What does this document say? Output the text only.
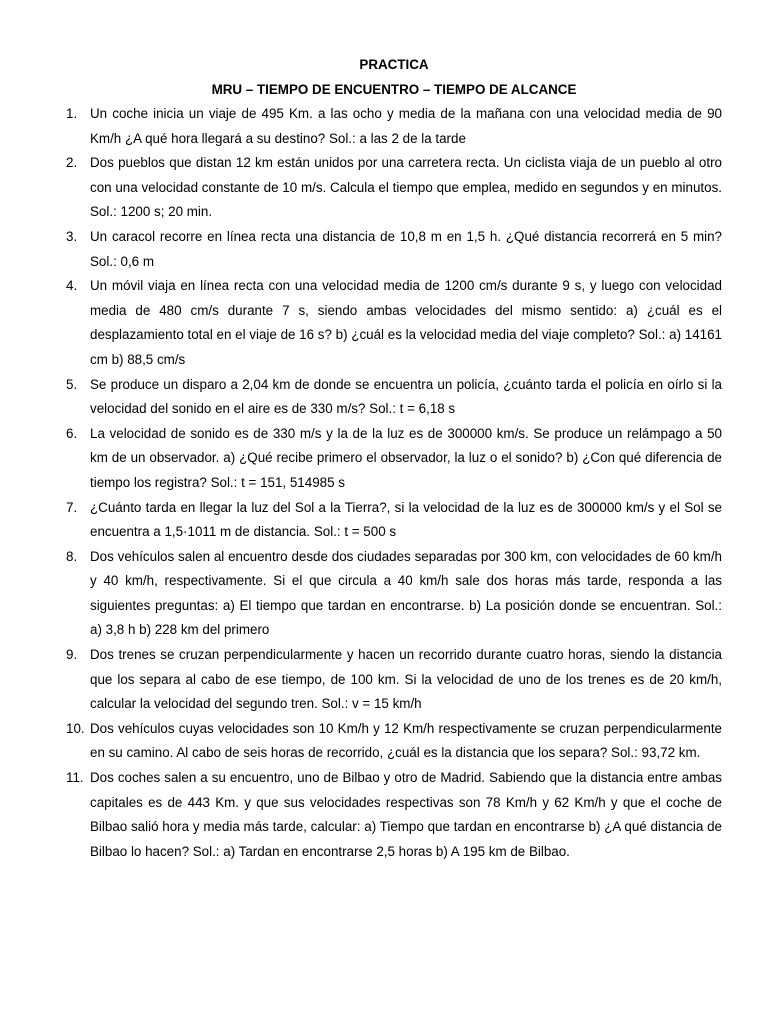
PRACTICA
MRU – TIEMPO DE ENCUENTRO – TIEMPO DE ALCANCE
1. Un coche inicia un viaje de 495 Km. a las ocho y media de la mañana con una velocidad media de 90 Km/h ¿A qué hora llegará a su destino? Sol.: a las 2 de la tarde
2. Dos pueblos que distan 12 km están unidos por una carretera recta. Un ciclista viaja de un pueblo al otro con una velocidad constante de 10 m/s. Calcula el tiempo que emplea, medido en segundos y en minutos. Sol.: 1200 s; 20 min.
3. Un caracol recorre en línea recta una distancia de 10,8 m en 1,5 h. ¿Qué distancia recorrerá en 5 min? Sol.: 0,6 m
4. Un móvil viaja en línea recta con una velocidad media de 1200 cm/s durante 9 s, y luego con velocidad media de 480 cm/s durante 7 s, siendo ambas velocidades del mismo sentido: a) ¿cuál es el desplazamiento total en el viaje de 16 s? b) ¿cuál es la velocidad media del viaje completo? Sol.: a) 14161 cm b) 88,5 cm/s
5. Se produce un disparo a 2,04 km de donde se encuentra un policía, ¿cuánto tarda el policía en oírlo si la velocidad del sonido en el aire es de 330 m/s? Sol.: t = 6,18 s
6. La velocidad de sonido es de 330 m/s y la de la luz es de 300000 km/s. Se produce un relámpago a 50 km de un observador. a) ¿Qué recibe primero el observador, la luz o el sonido? b) ¿Con qué diferencia de tiempo los registra? Sol.: t = 151, 514985 s
7. ¿Cuánto tarda en llegar la luz del Sol a la Tierra?, si la velocidad de la luz es de 300000 km/s y el Sol se encuentra a 1,5·1011 m de distancia. Sol.: t = 500 s
8. Dos vehículos salen al encuentro desde dos ciudades separadas por 300 km, con velocidades de 60 km/h y 40 km/h, respectivamente. Si el que circula a 40 km/h sale dos horas más tarde, responda a las siguientes preguntas: a) El tiempo que tardan en encontrarse. b) La posición donde se encuentran. Sol.: a) 3,8 h b) 228 km del primero
9. Dos trenes se cruzan perpendicularmente y hacen un recorrido durante cuatro horas, siendo la distancia que los separa al cabo de ese tiempo, de 100 km. Si la velocidad de uno de los trenes es de 20 km/h, calcular la velocidad del segundo tren. Sol.: v = 15 km/h
10. Dos vehículos cuyas velocidades son 10 Km/h y 12 Km/h respectivamente se cruzan perpendicularmente en su camino. Al cabo de seis horas de recorrido, ¿cuál es la distancia que los separa? Sol.: 93,72 km.
11. Dos coches salen a su encuentro, uno de Bilbao y otro de Madrid. Sabiendo que la distancia entre ambas capitales es de 443 Km. y que sus velocidades respectivas son 78 Km/h y 62 Km/h y que el coche de Bilbao salió hora y media más tarde, calcular: a) Tiempo que tardan en encontrarse b) ¿A qué distancia de Bilbao lo hacen? Sol.: a) Tardan en encontrarse 2,5 horas b) A 195 km de Bilbao.
